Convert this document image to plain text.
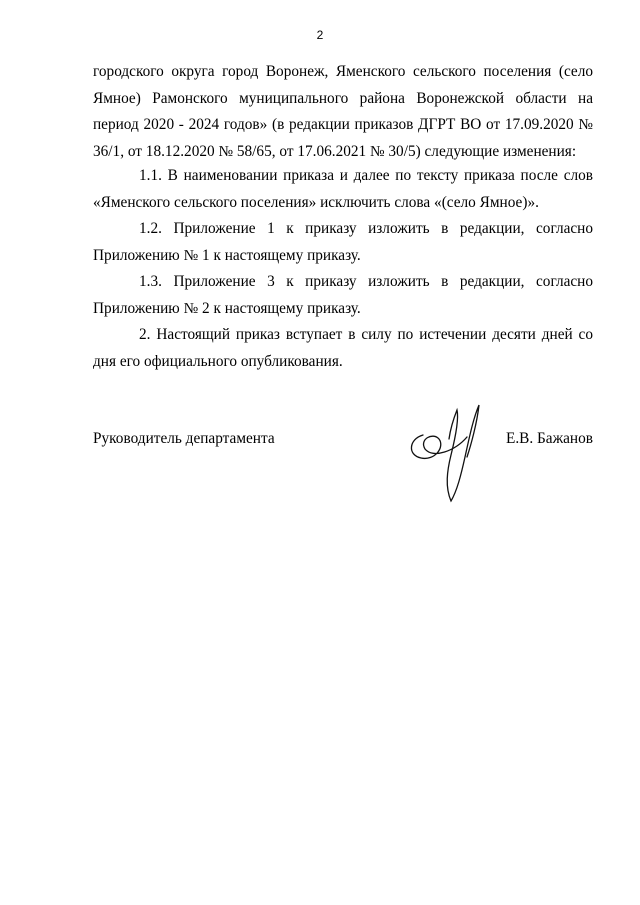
2

городского округа город Воронеж, Яменского сельского поселения (село Ямное) Рамонского муниципального района Воронежской области на период 2020 - 2024 годов» (в редакции приказов ДГРТ ВО от 17.09.2020 № 36/1, от 18.12.2020 № 58/65, от 17.06.2021 № 30/5) следующие изменения:

1.1. В наименовании приказа и далее по тексту приказа после слов «Яменского сельского поселения» исключить слова «(село Ямное)».

1.2. Приложение 1 к приказу изложить в редакции, согласно Приложению № 1 к настоящему приказу.

1.3. Приложение 3 к приказу изложить в редакции, согласно Приложению № 2 к настоящему приказу.

2. Настоящий приказ вступает в силу по истечении десяти дней со дня его официального опубликования.

Руководитель департамента	Е.В. Бажанов
